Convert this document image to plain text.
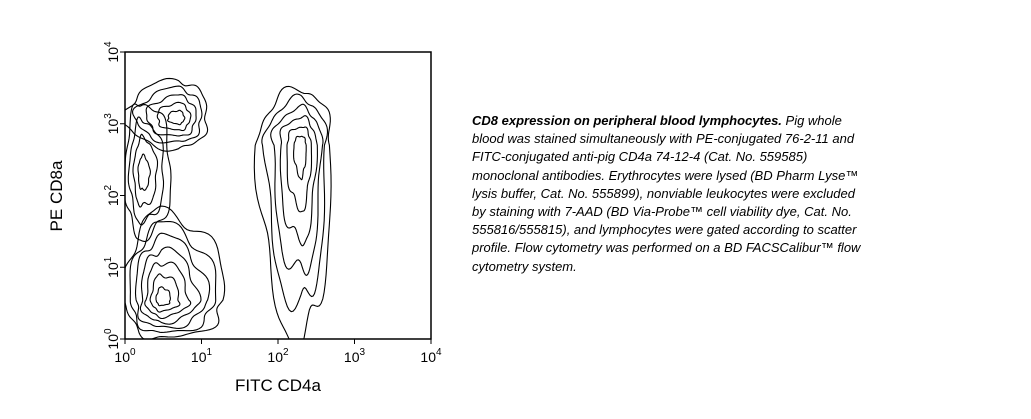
$10^0$	$10^1$	$10^2$	$10^3$	$10^4$
$10^0$
$10^1$
$10^2$
$10^3$
$10^4$
FITC CD4a
PE CD8a
CD8 expression on peripheral blood lymphocytes. Pig whole blood was stained simultaneously with PE-conjugated 76-2-11 and FITC-conjugated anti-pig CD4a 74-12-4 (Cat. No. 559585) monoclonal antibodies. Erythrocytes were lysed (BD Pharm Lyse™ lysis buffer, Cat. No. 555899), nonviable leukocytes were excluded by staining with 7-AAD (BD Via-Probe™ cell viability dye, Cat. No. 555816/555815), and lymphocytes were gated according to scatter profile. Flow cytometry was performed on a BD FACSCalibur™ flow cytometry system.
